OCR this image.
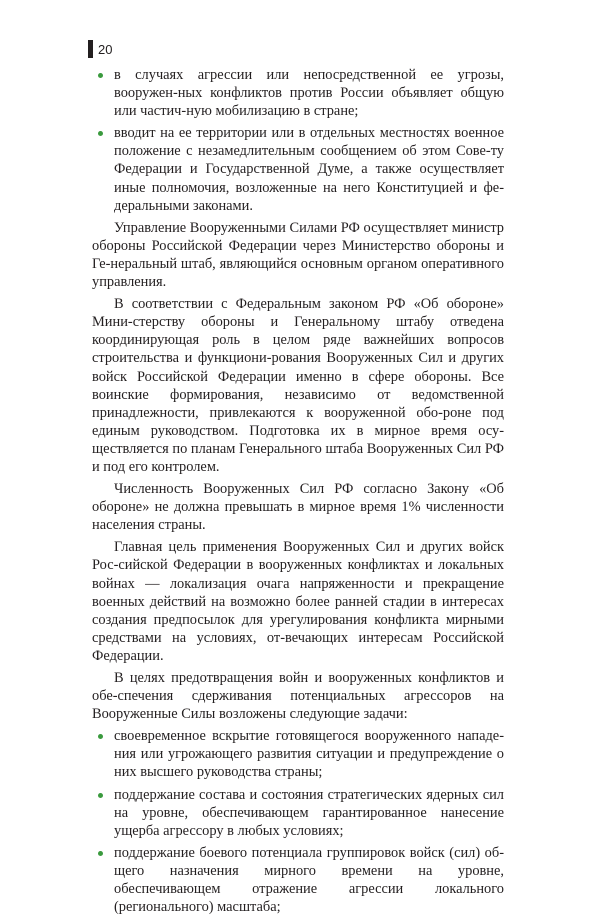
20
в случаях агрессии или непосредственной ее угрозы, вооружен-ных конфликтов против России объявляет общую или частич-ную мобилизацию в стране;
вводит на ее территории или в отдельных местностях военное положение с незамедлительным сообщением об этом Сове-ту Федерации и Государственной Думе, а также осуществляет иные полномочия, возложенные на него Конституцией и фе-деральными законами.

Управление Вооруженными Силами РФ осуществляет министр обороны Российской Федерации через Министерство обороны и Ге-неральный штаб, являющийся основным органом оперативного управления.

В соответствии с Федеральным законом РФ «Об обороне» Мини-стерству обороны и Генеральному штабу отведена координирующая роль в целом ряде важнейших вопросов строительства и функциони-рования Вооруженных Сил и других войск Российской Федерации именно в сфере обороны. Все воинские формирования, независимо от ведомственной принадлежности, привлекаются к вооруженной обо-роне под единым руководством. Подготовка их в мирное время осу-ществляется по планам Генерального штаба Вооруженных Сил РФ и под его контролем.

Численность Вооруженных Сил РФ согласно Закону «Об обороне» не должна превышать в мирное время 1% численности населения страны.

Главная цель применения Вооруженных Сил и других войск Рос-сийской Федерации в вооруженных конфликтах и локальных войнах — локализация очага напряженности и прекращение военных действий на возможно более ранней стадии в интересах создания предпосылок для урегулирования конфликта мирными средствами на условиях, от-вечающих интересам Российской Федерации.

В целях предотвращения войн и вооруженных конфликтов и обе-спечения сдерживания потенциальных агрессоров на Вооруженные Силы возложены следующие задачи:

своевременное вскрытие готовящегося вооруженного нападе-ния или угрожающего развития ситуации и предупреждение о них высшего руководства страны;
поддержание состава и состояния стратегических ядерных сил на уровне, обеспечивающем гарантированное нанесение ущерба агрессору в любых условиях;
поддержание боевого потенциала группировок войск (сил) об-щего назначения мирного времени на уровне, обеспечивающем отражение агрессии локального (регионального) масштаба;
